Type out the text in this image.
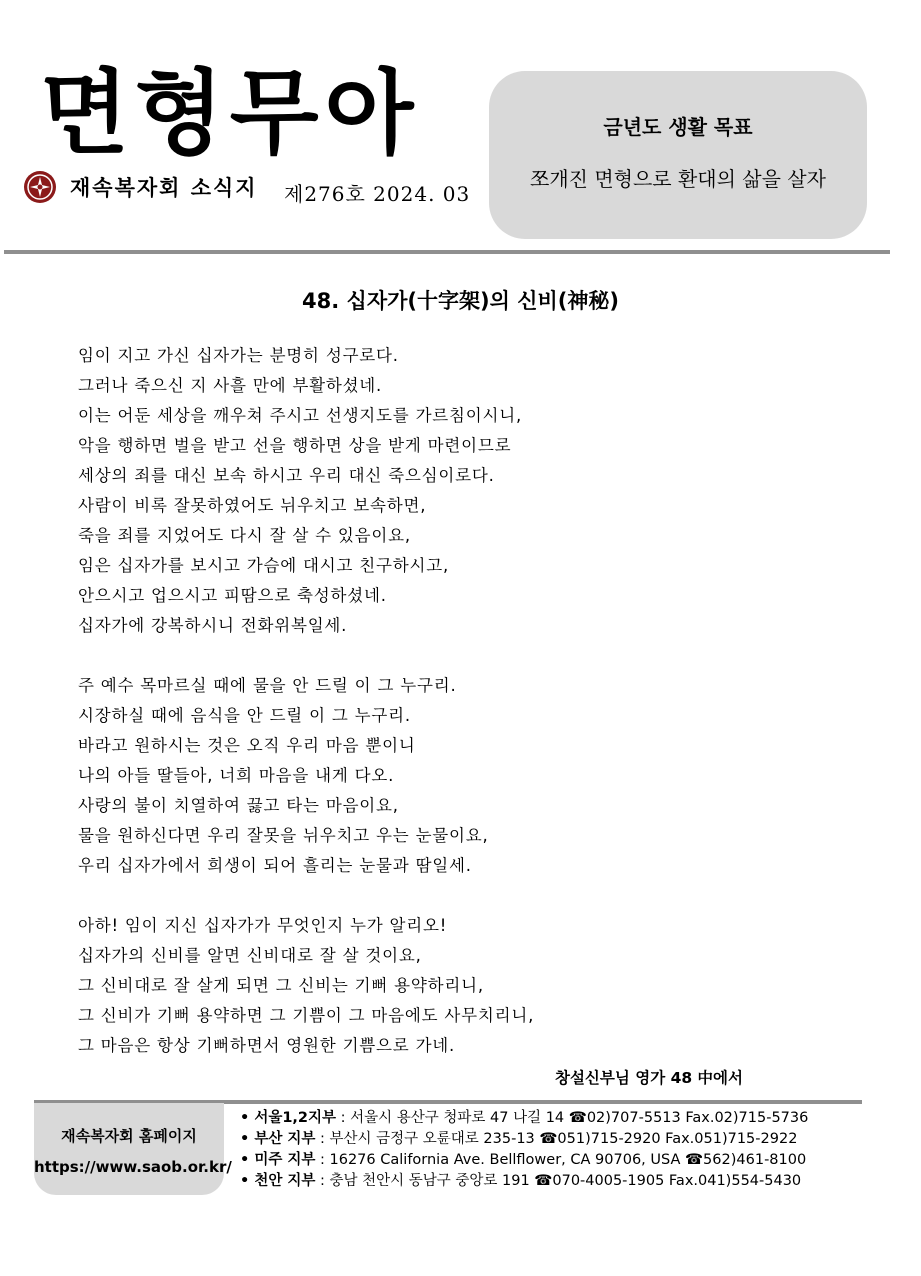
면형무아
재속복자회 소식지 제276호 2024. 03
금년도 생활 목표
쪼개진 면형으로 환대의 삶을 살자
48. 십자가(十字架)의 신비(神秘)
임이 지고 가신 십자가는 분명히 성구로다.
그러나 죽으신 지 사흘 만에 부활하셨네.
이는 어둔 세상을 깨우쳐 주시고 선생지도를 가르침이시니,
악을 행하면 벌을 받고 선을 행하면 상을 받게 마련이므로
세상의 죄를 대신 보속 하시고 우리 대신 죽으심이로다.
사람이 비록 잘못하였어도 뉘우치고 보속하면,
죽을 죄를 지었어도 다시 잘 살 수 있음이요,
임은 십자가를 보시고 가슴에 대시고 친구하시고,
안으시고 업으시고 피땀으로 축성하셨네.
십자가에 강복하시니 전화위복일세.
주 예수 목마르실 때에 물을 안 드릴 이 그 누구리.
시장하실 때에 음식을 안 드릴 이 그 누구리.
바라고 원하시는 것은 오직 우리 마음 뿐이니
나의 아들 딸들아, 너희 마음을 내게 다오.
사랑의 불이 치열하여 끓고 타는 마음이요,
물을 원하신다면 우리 잘못을 뉘우치고 우는 눈물이요,
우리 십자가에서 희생이 되어 흘리는 눈물과 땀일세.
아하! 임이 지신 십자가가 무엇인지 누가 알리오!
십자가의 신비를 알면 신비대로 잘 살 것이요,
그 신비대로 잘 살게 되면 그 신비는 기뻐 용약하리니,
그 신비가 기뻐 용약하면 그 기쁨이 그 마음에도 사무치리니,
그 마음은 항상 기뻐하면서 영원한 기쁨으로 가네.
창설신부님 영가 48 中에서
재속복자회 홈페이지
https://www.saob.or.kr/
• 서울1,2지부 : 서울시 용산구 청파로 47 나길 14 ☎02)707-5513 Fax.02)715-5736
• 부산 지부 : 부산시 금정구 오륜대로 235-13 ☎051)715-2920 Fax.051)715-2922
• 미주 지부 : 16276 California Ave. Bellflower, CA 90706, USA ☎562)461-8100
• 천안 지부 : 충남 천안시 동남구 중앙로 191 ☎070-4005-1905 Fax.041)554-5430
